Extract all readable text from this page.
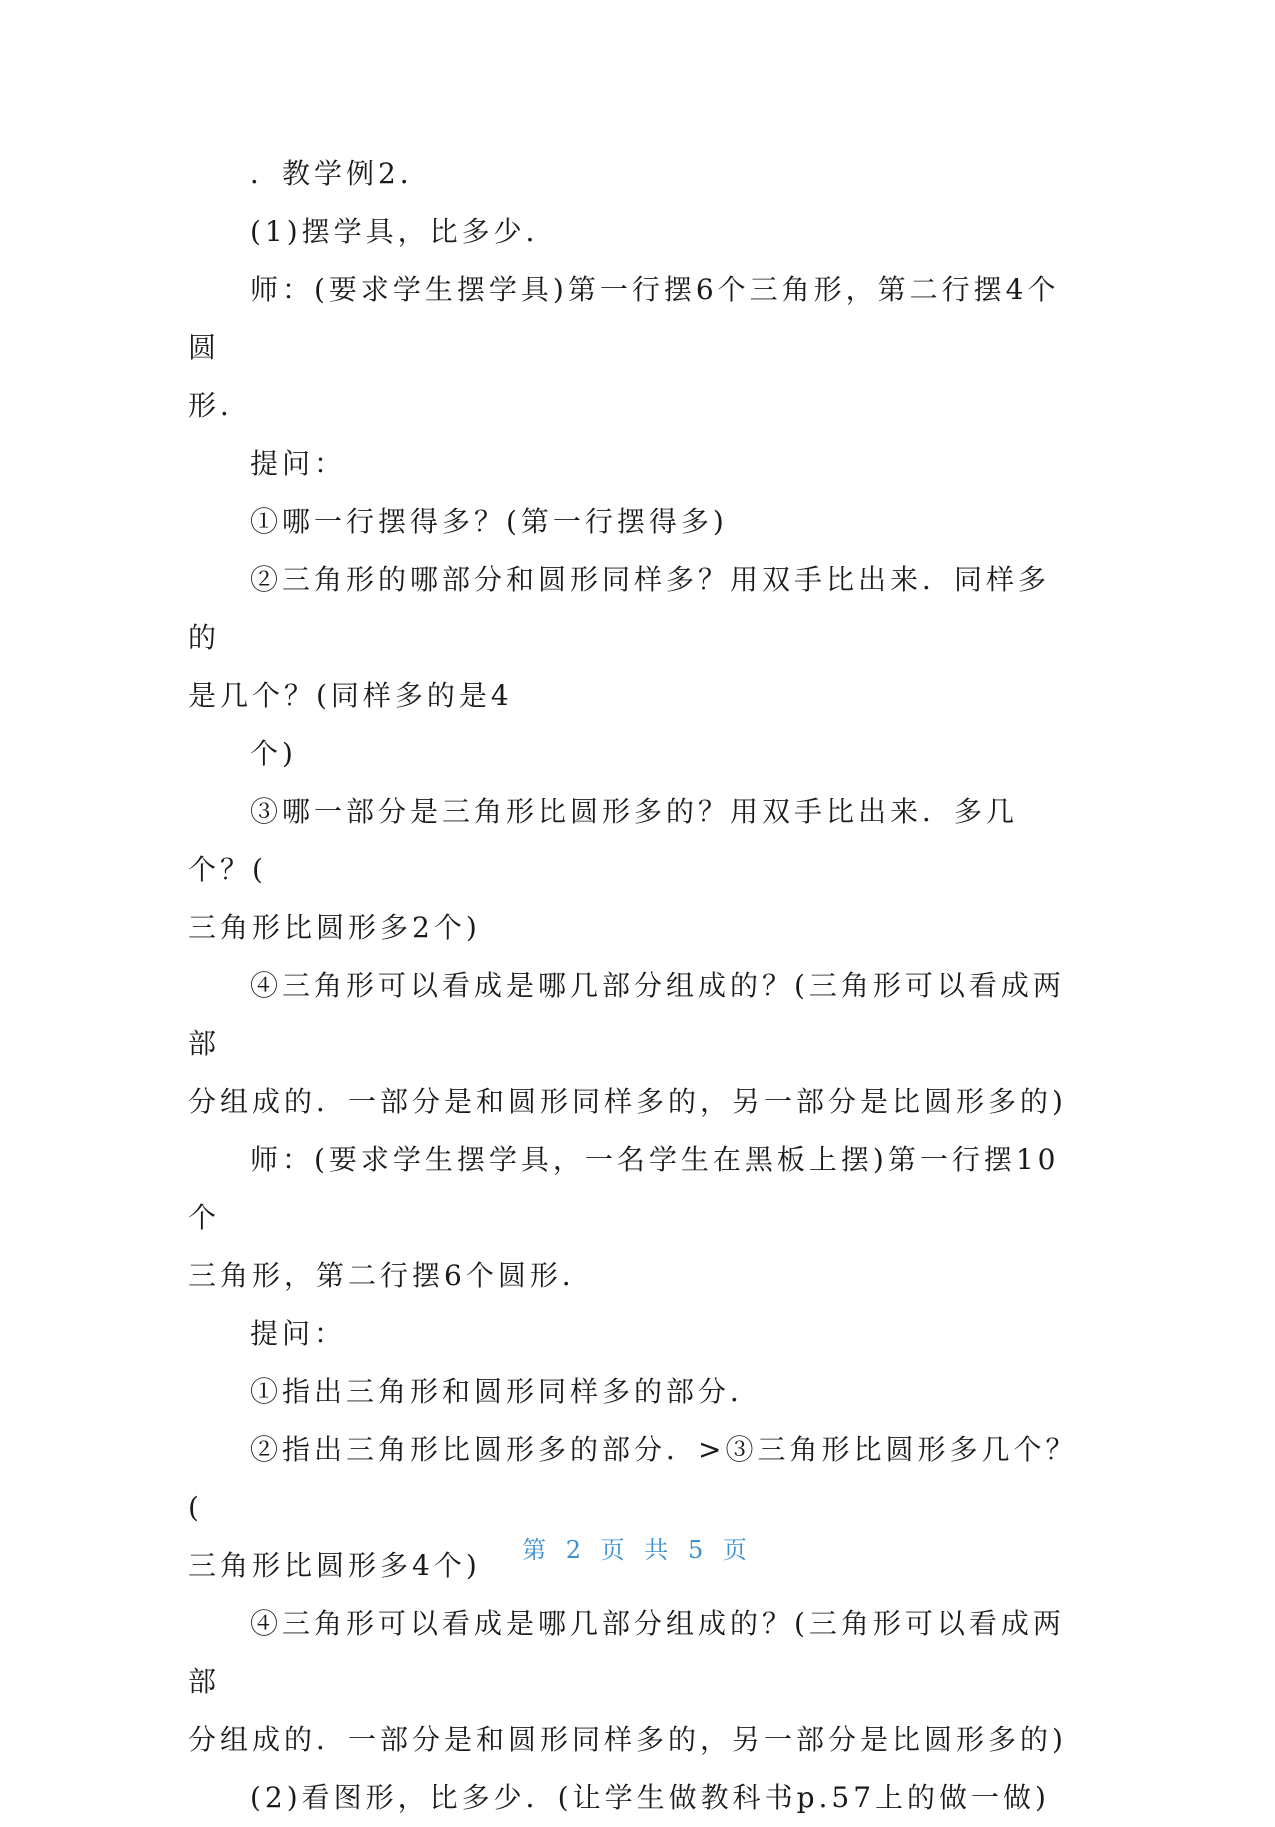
．教学例2．

(1)摆学具，比多少．

师：(要求学生摆学具)第一行摆6个三角形，第二行摆4个圆

形．

提问：

①哪一行摆得多？(第一行摆得多)

②三角形的哪部分和圆形同样多？用双手比出来．同样多的

是几个？(同样多的是4

个)

③哪一部分是三角形比圆形多的？用双手比出来．多几个？(

三角形比圆形多2个)

④三角形可以看成是哪几部分组成的？(三角形可以看成两部

分组成的．一部分是和圆形同样多的，另一部分是比圆形多的)

师：(要求学生摆学具，一名学生在黑板上摆)第一行摆10个

三角形，第二行摆6个圆形．

提问：

①指出三角形和圆形同样多的部分．

②指出三角形比圆形多的部分．>③三角形比圆形多几个？(

三角形比圆形多4个)

④三角形可以看成是哪几部分组成的？(三角形可以看成两部

分组成的．一部分是和圆形同样多的，另一部分是比圆形多的)

(2)看图形，比多少．(让学生做教科书p.57上的做一做)

第 2 页 共 5 页
